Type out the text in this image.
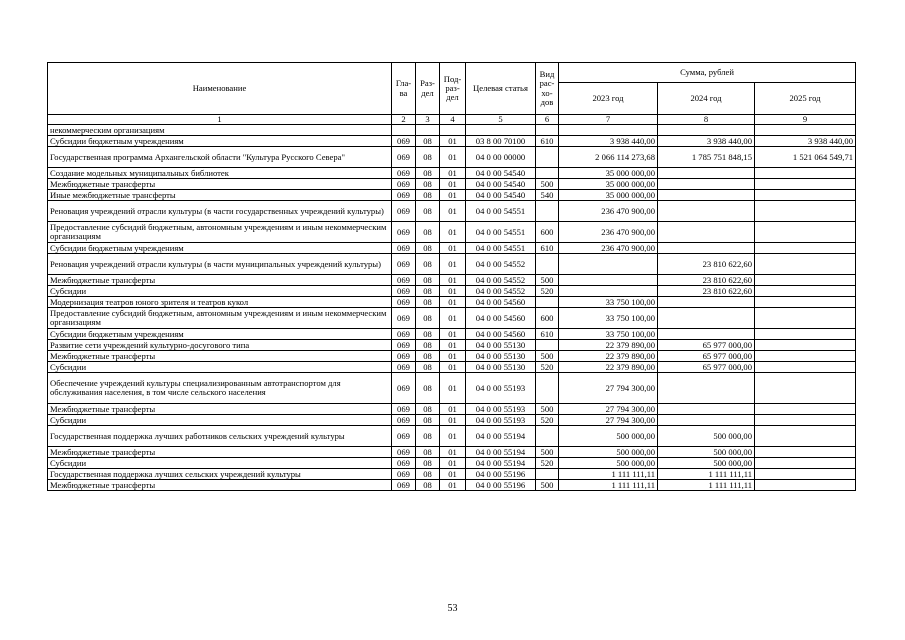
Наименование	Гла-ва	Раз-дел	Под-раз-дел	Целевая статья	Вид рас-хо-дов	Сумма, рублей		
						2023 год	2024 год	2025 год
1	2	3	4	5	6	7	8	9
некоммерческим организациям								
Субсидии бюджетным учреждениям	069	08	01	03 8 00 70100	610	3 938 440,00	3 938 440,00	3 938 440,00
Государственная программа Архангельской области "Культура Русского Севера"	069	08	01	04 0 00 00000		2 066 114 273,68	1 785 751 848,15	1 521 064 549,71
Создание модельных муниципальных библиотек	069	08	01	04 0 00 54540		35 000 000,00		
Межбюджетные трансферты	069	08	01	04 0 00 54540	500	35 000 000,00		
Иные межбюджетные трансферты	069	08	01	04 0 00 54540	540	35 000 000,00		
Реновация учреждений отрасли культуры (в части государственных учреждений культуры)	069	08	01	04 0 00 54551		236 470 900,00		
Предоставление субсидий бюджетным, автономным учреждениям и иным некоммерческим организациям	069	08	01	04 0 00 54551	600	236 470 900,00		
Субсидии бюджетным учреждениям	069	08	01	04 0 00 54551	610	236 470 900,00		
Реновация учреждений отрасли культуры (в части муниципальных учреждений культуры)	069	08	01	04 0 00 54552			23 810 622,60	
Межбюджетные трансферты	069	08	01	04 0 00 54552	500		23 810 622,60	
Субсидии	069	08	01	04 0 00 54552	520		23 810 622,60	
Модернизация театров юного зрителя и театров кукол	069	08	01	04 0 00 54560		33 750 100,00		
Предоставление субсидий бюджетным, автономным учреждениям и иным некоммерческим организациям	069	08	01	04 0 00 54560	600	33 750 100,00		
Субсидии бюджетным учреждениям	069	08	01	04 0 00 54560	610	33 750 100,00		
Развитие сети учреждений культурно-досугового типа	069	08	01	04 0 00 55130		22 379 890,00	65 977 000,00	
Межбюджетные трансферты	069	08	01	04 0 00 55130	500	22 379 890,00	65 977 000,00	
Субсидии	069	08	01	04 0 00 55130	520	22 379 890,00	65 977 000,00	
Обеспечение учреждений культуры специализированным автотранспортом для обслуживания населения, в том числе сельского населения	069	08	01	04 0 00 55193		27 794 300,00		
Межбюджетные трансферты	069	08	01	04 0 00 55193	500	27 794 300,00		
Субсидии	069	08	01	04 0 00 55193	520	27 794 300,00		
Государственная поддержка лучших работников сельских учреждений культуры	069	08	01	04 0 00 55194		500 000,00	500 000,00	
Межбюджетные трансферты	069	08	01	04 0 00 55194	500	500 000,00	500 000,00	
Субсидии	069	08	01	04 0 00 55194	520	500 000,00	500 000,00	
Государственная поддержка лучших сельских учреждений культуры	069	08	01	04 0 00 55196		1 111 111,11	1 111 111,11	
Межбюджетные трансферты	069	08	01	04 0 00 55196	500	1 111 111,11	1 111 111,11	
53
